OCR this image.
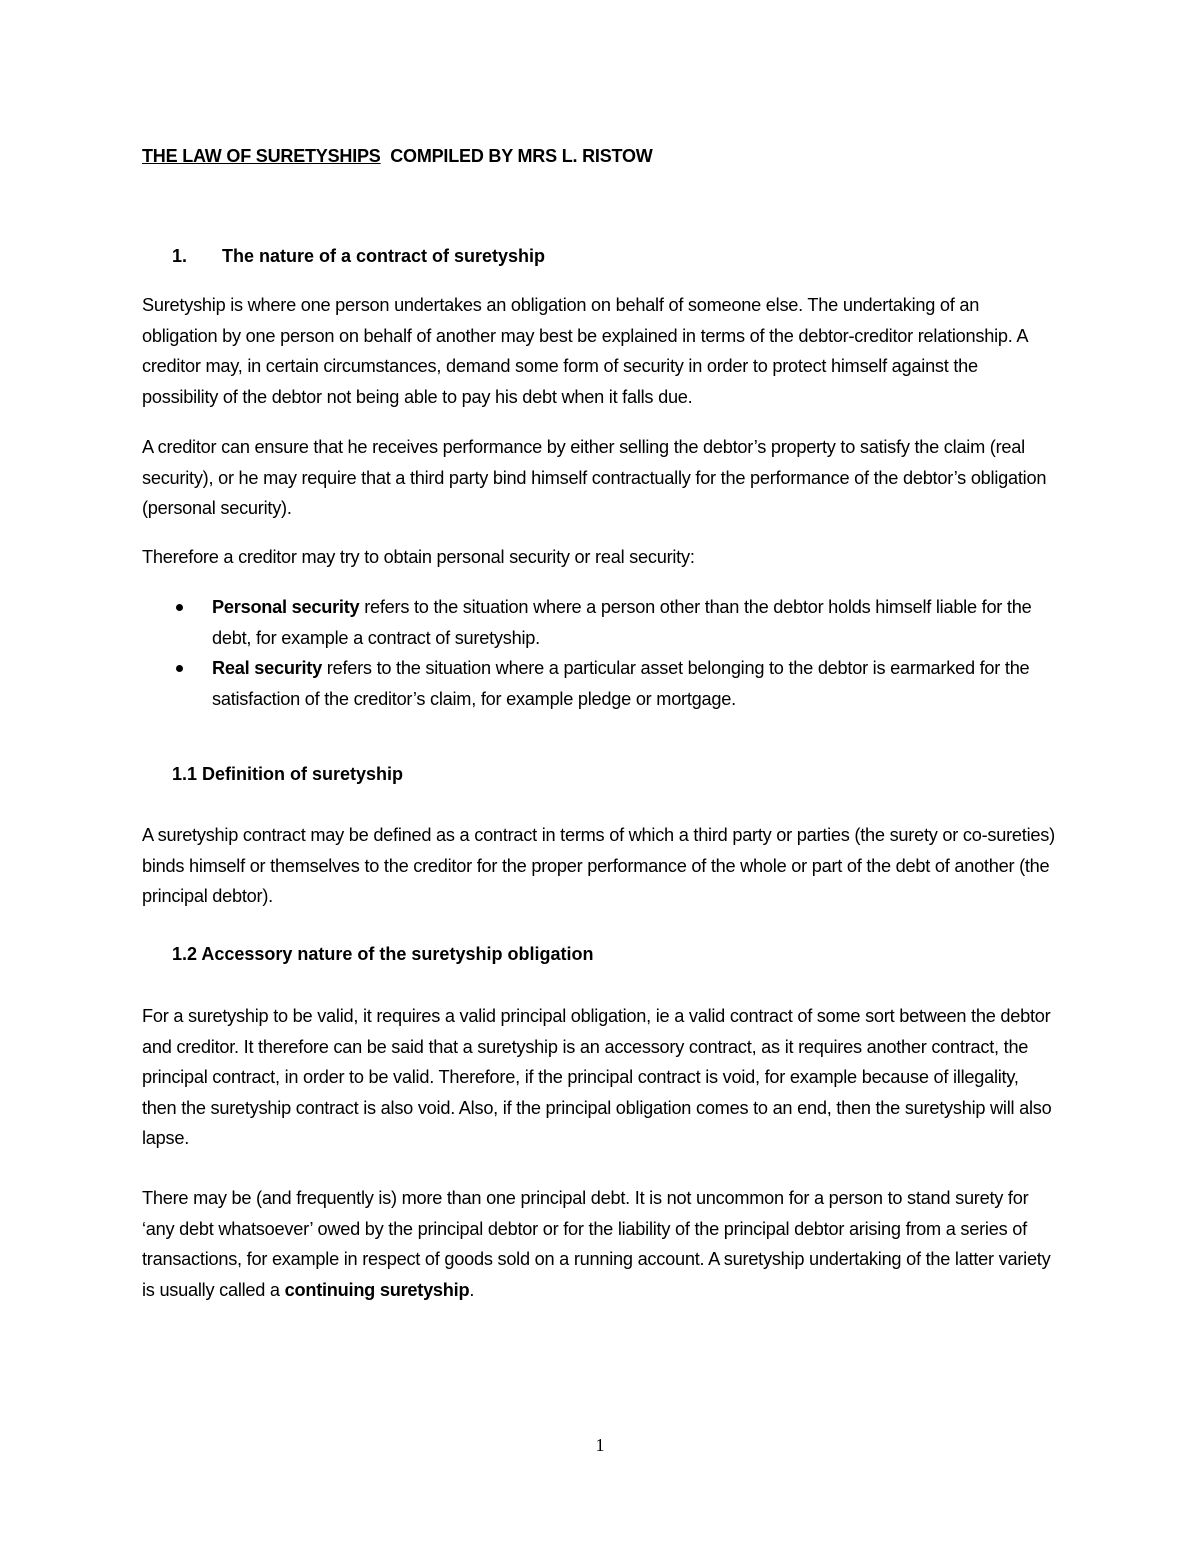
THE LAW OF SURETYSHIPS COMPILED BY MRS L. RISTOW
1. The nature of a contract of suretyship
Suretyship is where one person undertakes an obligation on behalf of someone else. The undertaking of an obligation by one person on behalf of another may best be explained in terms of the debtor-creditor relationship. A creditor may, in certain circumstances, demand some form of security in order to protect himself against the possibility of the debtor not being able to pay his debt when it falls due.
A creditor can ensure that he receives performance by either selling the debtor’s property to satisfy the claim (real security), or he may require that a third party bind himself contractually for the performance of the debtor’s obligation (personal security).
Therefore a creditor may try to obtain personal security or real security:
Personal security refers to the situation where a person other than the debtor holds himself liable for the debt, for example a contract of suretyship.
Real security refers to the situation where a particular asset belonging to the debtor is earmarked for the satisfaction of the creditor’s claim, for example pledge or mortgage.
1.1 Definition of suretyship
A suretyship contract may be defined as a contract in terms of which a third party or parties (the surety or co-sureties) binds himself or themselves to the creditor for the proper performance of the whole or part of the debt of another (the principal debtor).
1.2 Accessory nature of the suretyship obligation
For a suretyship to be valid, it requires a valid principal obligation, ie a valid contract of some sort between the debtor and creditor. It therefore can be said that a suretyship is an accessory contract, as it requires another contract, the principal contract, in order to be valid. Therefore, if the principal contract is void, for example because of illegality, then the suretyship contract is also void. Also, if the principal obligation comes to an end, then the suretyship will also lapse.
There may be (and frequently is) more than one principal debt. It is not uncommon for a person to stand surety for ‘any debt whatsoever’ owed by the principal debtor or for the liability of the principal debtor arising from a series of transactions, for example in respect of goods sold on a running account. A suretyship undertaking of the latter variety is usually called a continuing suretyship.
1
